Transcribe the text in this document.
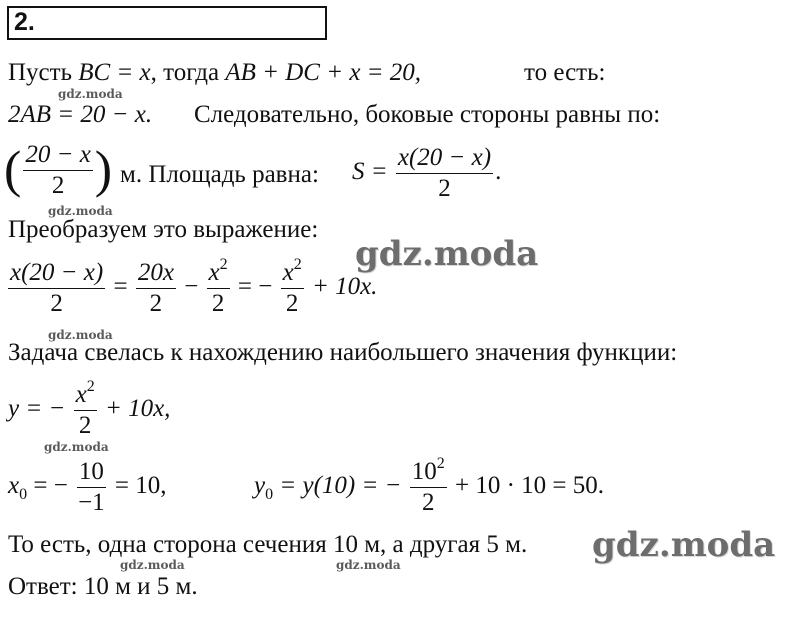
2.
Пусть BC = x, тогда AB + DC + x = 20,	то есть:
2AB = 20 − x. Следовательно, боковые стороны равны по:
( $\frac{20 - x}{2}$ ) м. Площадь равна: $S = \frac{x(20 - x)}{2}$ .
Преобразуем это выражение:
$\frac{x(20 - x)}{2} = \frac{20x}{2} - \frac{x^2}{2}$ = − $\frac{x^2}{2} + 10x$.
Задача свелась к нахождению наибольшего значения функции:
y = − $\frac{x^2}{2} + 10x$,
$x_0$ = − $\frac{10}{-1} = 10$,	$y_0 = y(10)$ = − $\frac{10^2}{2} + 10 \cdot 10 = 50$.
То есть, одна сторона сечения 10 м, а другая 5 м.
Ответ: 10 м и 5 м.
gdz.moda
gdz.moda
gdz.moda
gdz.moda
gdz.moda
gdz.moda
gdz.moda	gdz.moda
